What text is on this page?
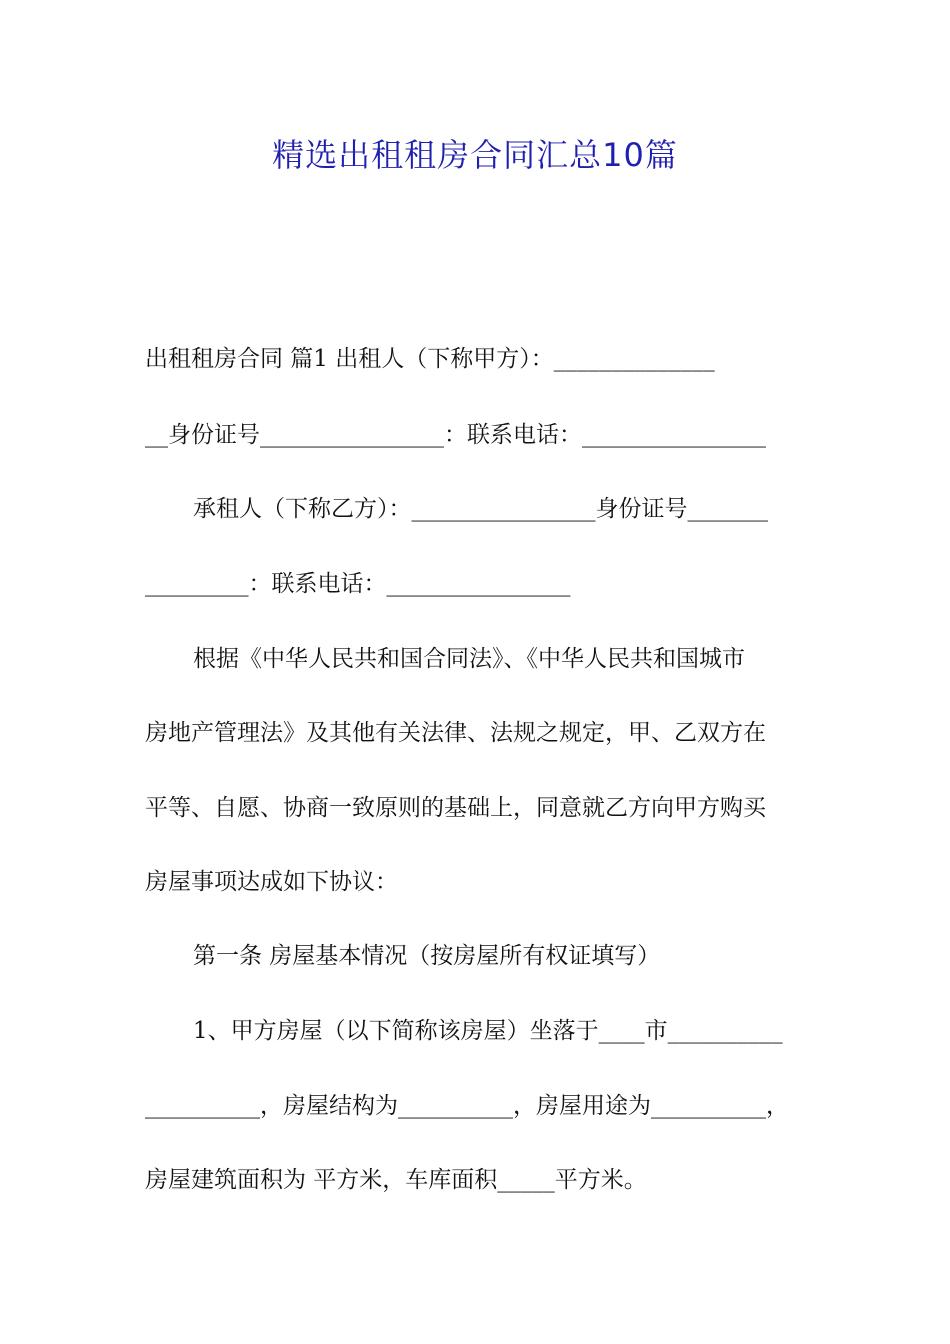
精选出租租房合同汇总10篇
出租租房合同 篇1 出租人（下称甲方）：______________
__身份证号________________：联系电话：________________
承租人（下称乙方）：________________身份证号_______
_________：联系电话：________________
根据《中华人民共和国合同法》、《中华人民共和国城市
房地产管理法》及其他有关法律、法规之规定，甲、乙双方在
平等、自愿、协商一致原则的基础上，同意就乙方向甲方购买
房屋事项达成如下协议：
第一条 房屋基本情况（按房屋所有权证填写）
1、甲方房屋（以下简称该房屋）坐落于____市__________
__________，房屋结构为__________，房屋用途为__________，
房屋建筑面积为 平方米，车库面积_____平方米。
